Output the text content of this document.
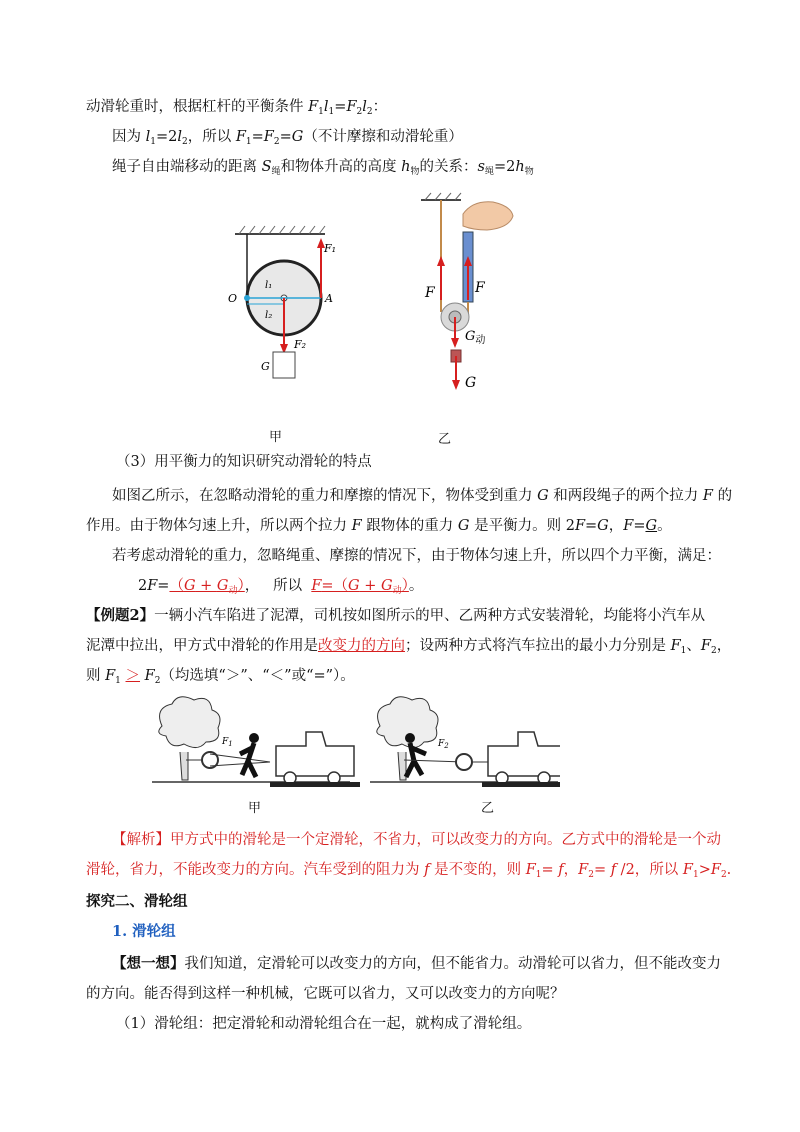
动滑轮重时，根据杠杆的平衡条件 $F_1l_1=F_2l_2$：
因为 $l_1=2l_2$，所以 $F_1=F_2=G$（不计摩擦和动滑轮重）
绳子自由端移动的距离 $S_绳$和物体升高的高度 $h_物$的关系：$s_绳=2h_物$
F₁
l₁
l₂
O	A
F₂
G
F	F
$G_动$
G
甲	乙
（3）用平衡力的知识研究动滑轮的特点
如图乙所示，在忽略动滑轮的重力和摩擦的情况下，物体受到重力 G 和两段绳子的两个拉力 F 的
作用。由于物体匀速上升，所以两个拉力 F 跟物体的重力 G 是平衡力。则 2F=G，F=G。
若考虑动滑轮的重力，忽略绳重、摩擦的情况下，由于物体匀速上升，所以四个力平衡，满足：
$2F=(G + G_动)$，   所以 $F=(G + G_动)$。
【例题2】一辆小汽车陷进了泥潭，司机按如图所示的甲、乙两种方式安装滑轮，均能将小汽车从
泥潭中拉出，甲方式中滑轮的作用是改变力的方向；设两种方式将汽车拉出的最小力分别是 $F_1$、$F_2$，
则 $F_1 > F_2$（均选填“＞”、“＜”或“=”）。
$F_1$	$F_2$
甲	乙
【解析】甲方式中的滑轮是一个定滑轮，不省力，可以改变力的方向。乙方式中的滑轮是一个动
滑轮，省力，不能改变力的方向。汽车受到的阻力为 f 是不变的，则 $F_1= f$，$F_2= f$ /2，所以 $F_1>F_2$.
探究二、滑轮组
1. 滑轮组
【想一想】我们知道，定滑轮可以改变力的方向，但不能省力。动滑轮可以省力，但不能改变力
的方向。能否得到这样一种机械，它既可以省力，又可以改变力的方向呢？
（1）滑轮组：把定滑轮和动滑轮组合在一起，就构成了滑轮组。
